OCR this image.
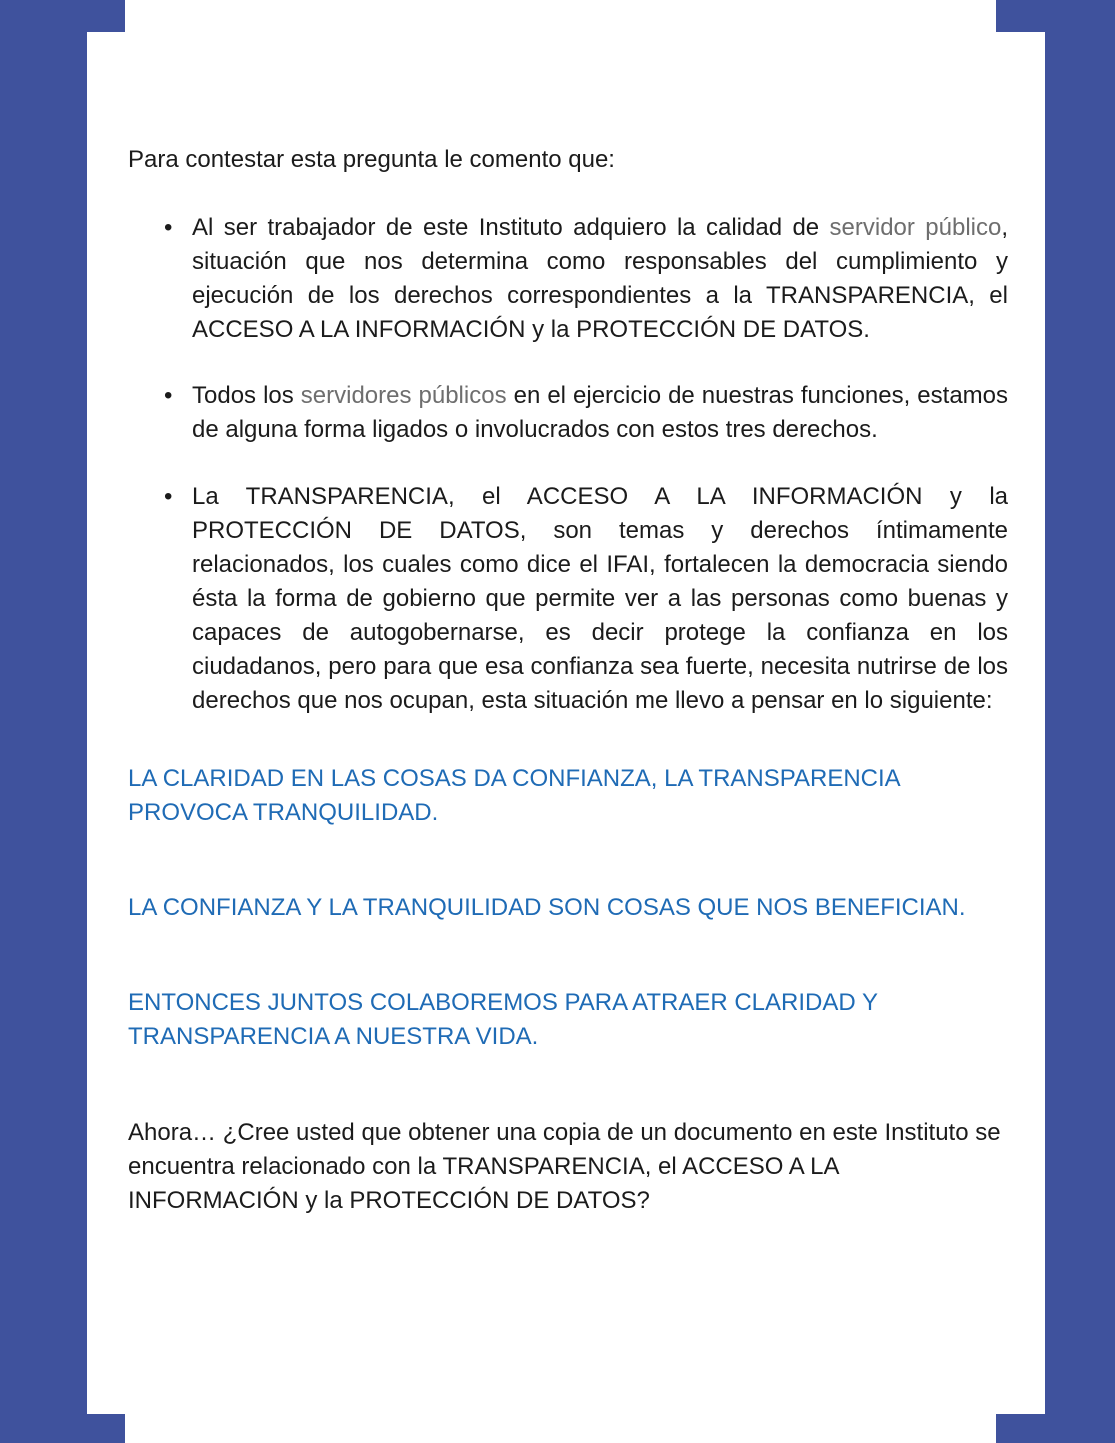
Para contestar esta pregunta le comento que:

• Al ser trabajador de este Instituto adquiero la calidad de servidor público, situación que nos determina como responsables del cumplimiento y ejecución de los derechos correspondientes a la TRANSPARENCIA, el ACCESO A LA INFORMACIÓN y la PROTECCIÓN DE DATOS.
• Todos los servidores públicos en el ejercicio de nuestras funciones, estamos de alguna forma ligados o involucrados con estos tres derechos.
• La TRANSPARENCIA, el ACCESO A LA INFORMACIÓN y la PROTECCIÓN DE DATOS, son temas y derechos íntimamente relacionados, los cuales como dice el IFAI, fortalecen la democracia siendo ésta la forma de gobierno que permite ver a las personas como buenas y capaces de autogobernarse, es decir protege la confianza en los ciudadanos, pero para que esa confianza sea fuerte, necesita nutrirse de los derechos que nos ocupan, esta situación me llevo a pensar en lo siguiente:

LA CLARIDAD EN LAS COSAS DA CONFIANZA, LA TRANSPARENCIA PROVOCA TRANQUILIDAD.

LA CONFIANZA Y LA TRANQUILIDAD SON COSAS QUE NOS BENEFICIAN.

ENTONCES JUNTOS COLABOREMOS PARA ATRAER CLARIDAD Y TRANSPARENCIA A NUESTRA VIDA.

Ahora… ¿Cree usted que obtener una copia de un documento en este Instituto se encuentra relacionado con la TRANSPARENCIA, el ACCESO A LA INFORMACIÓN y la PROTECCIÓN DE DATOS?
